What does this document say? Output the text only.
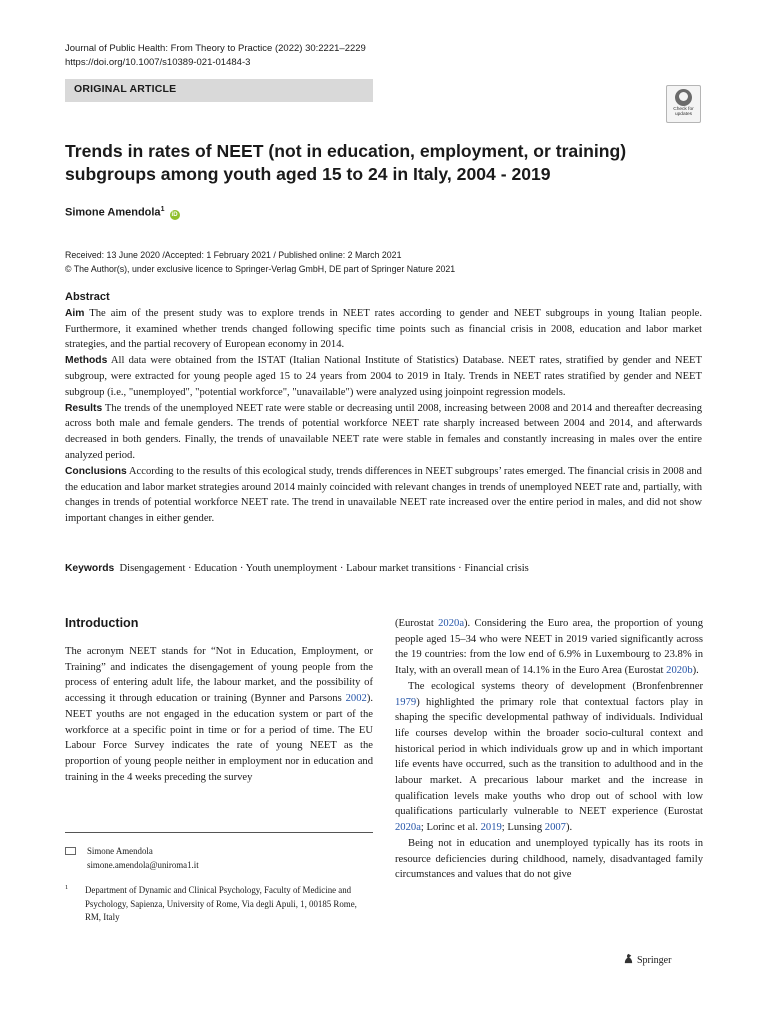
Journal of Public Health: From Theory to Practice (2022) 30:2221–2229
https://doi.org/10.1007/s10389-021-01484-3
ORIGINAL ARTICLE
Check for
updates
Trends in rates of NEET (not in education, employment, or training) subgroups among youth aged 15 to 24 in Italy, 2004 - 2019
Simone Amendola$^1$ iD
Received: 13 June 2020 /Accepted: 1 February 2021 / Published online: 2 March 2021
© The Author(s), under exclusive licence to Springer-Verlag GmbH, DE part of Springer Nature 2021
Abstract

Aim The aim of the present study was to explore trends in NEET rates according to gender and NEET subgroups in young Italian people. Furthermore, it examined whether trends changed following specific time points such as financial crisis in 2008, education and labor market strategies, and the partial recovery of European economy in 2014.

Methods All data were obtained from the ISTAT (Italian National Institute of Statistics) Database. NEET rates, stratified by gender and NEET subgroup, were extracted for young people aged 15 to 24 years from 2004 to 2019 in Italy. Trends in NEET rates stratified by gender and NEET subgroup (i.e., "unemployed", "potential workforce", "unavailable") were analyzed using joinpoint regression models.

Results The trends of the unemployed NEET rate were stable or decreasing until 2008, increasing between 2008 and 2014 and thereafter decreasing across both male and female genders. The trends of potential workforce NEET rate sharply increased between 2004 and 2014, and afterwards decreased in both genders. Finally, the trends of unavailable NEET rate were stable in females and constantly increasing in males over the entire analyzed period.

Conclusions According to the results of this ecological study, trends differences in NEET subgroups’ rates emerged. The financial crisis in 2008 and the education and labor market strategies around 2014 mainly coincided with relevant changes in trends of unemployed NEET rate and, partially, with changes in trends of potential workforce NEET rate. The trend in unavailable NEET rate increased over the entire period in males, and did not show important changes in either gender.

Keywords Disengagement · Education · Youth unemployment · Labour market transitions · Financial crisis
Introduction

The acronym NEET stands for “Not in Education, Employment, or Training” and indicates the disengagement of young people from the process of entering adult life, the labour market, and the possibility of accessing it through education or training (Bynner and Parsons 2002). NEET youths are not engaged in the education system or part of the workforce at a specific point in time or for a period of time. The EU Labour Force Survey indicates the rate of young NEET as the proportion of young people neither in employment nor in education and training in the 4 weeks preceding the survey

(Eurostat 2020a). Considering the Euro area, the proportion of young people aged 15–34 who were NEET in 2019 varied significantly across the 19 countries: from the low end of 6.9% in Luxembourg to 23.8% in Italy, with an overall mean of 14.1% in the Euro Area (Eurostat 2020b).

The ecological systems theory of development (Bronfenbrenner 1979) highlighted the primary role that contextual factors play in shaping the specific developmental pathway of individuals. Individual life courses develop within the broader socio-cultural context and historical period in which individuals grow up and in which important life events have occurred, such as the transition to adulthood and in the labour market. A precarious labour market and the increase in qualification levels make youths who drop out of school with low qualifications particularly vulnerable to NEET experience (Eurostat 2020a; Lorinc et al. 2019; Lunsing 2007).

Being not in education and unemployed typically has its roots in resource deficiencies during childhood, namely, disadvantaged family circumstances and values that do not give

Simone Amendola
simone.amendola@uniroma1.it
1 Department of Dynamic and Clinical Psychology, Faculty of Medicine and Psychology, Sapienza, University of Rome, Via degli Apuli, 1, 00185 Rome, RM, Italy
Springer
